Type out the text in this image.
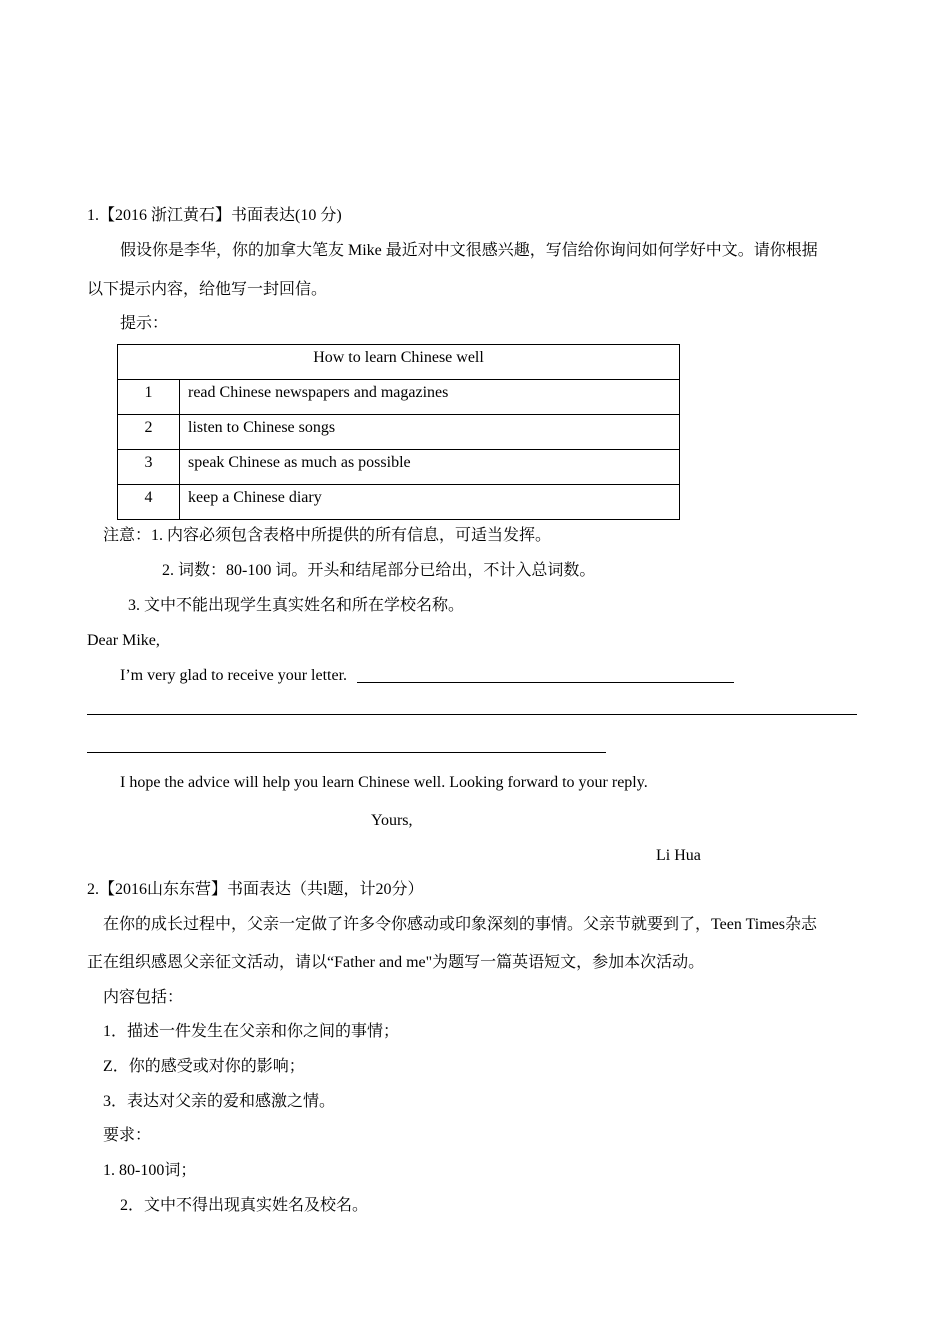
1.【2016 浙江黄石】书面表达(10 分)
假设你是李华，你的加拿大笔友 Mike 最近对中文很感兴趣，写信给你询问如何学好中文。请你根据
以下提示内容，给他写一封回信。
提示：
How to learn Chinese well	
1	read Chinese newspapers and magazines
2	listen to Chinese songs
3	speak Chinese as much as possible
4	keep a Chinese diary
注意：1. 内容必须包含表格中所提供的所有信息，可适当发挥。
2. 词数：80-100 词。开头和结尾部分已给出，不计入总词数。
3. 文中不能出现学生真实姓名和所在学校名称。
Dear Mike,
I’m very glad to receive your letter.
I hope the advice will help you learn Chinese well. Looking forward to your reply.
Yours,
Li Hua
2.【2016山东东营】书面表达（共l题，计20分）
在你的成长过程中，父亲一定做了许多令你感动或印象深刻的事情。父亲节就要到了，Teen Times杂志
正在组织感恩父亲征文活动，请以“Father and me"为题写一篇英语短文，参加本次活动。
内容包括：
1．描述一件发生在父亲和你之间的事情；
Z．你的感受或对你的影响；
3．表达对父亲的爱和感激之情。
要求：
1. 80-100词；
2．文中不得出现真实姓名及校名。
